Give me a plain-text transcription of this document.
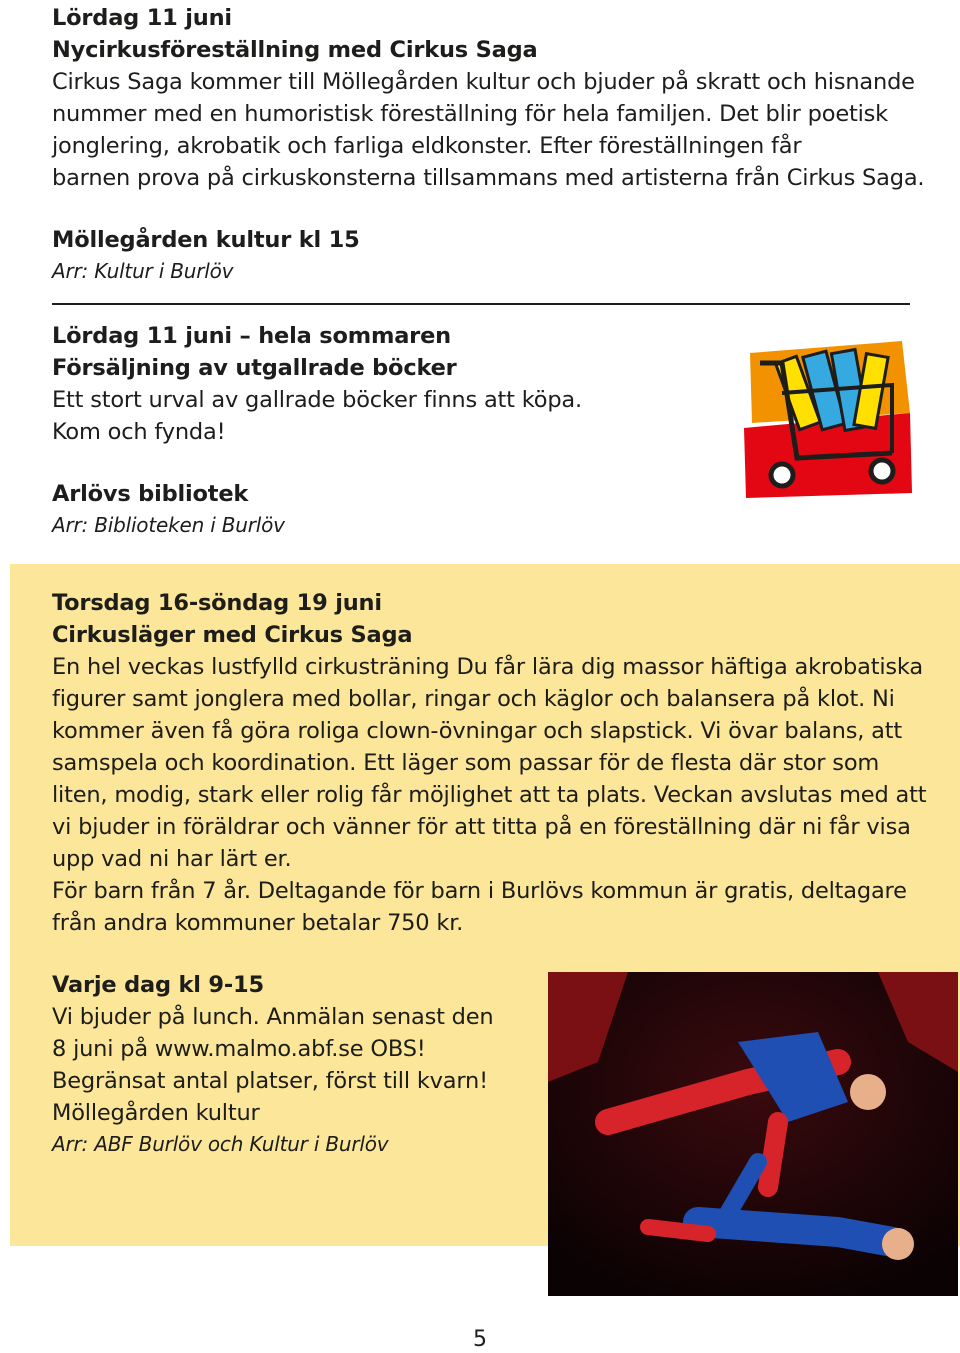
Lördag 11 juni
Nycirkusföreställning med Cirkus Saga
Cirkus Saga kommer till Möllegården kultur och bjuder på skratt och hisnande
nummer med en humoristisk föreställning för hela familjen. Det blir poetisk
jonglering, akrobatik och farliga eldkonster. Efter föreställningen får
barnen prova på cirkuskonsterna tillsammans med artisterna från Cirkus Saga.
Möllegården kultur kl 15
Arr: Kultur i Burlöv
Lördag 11 juni – hela sommaren
Försäljning av utgallrade böcker
Ett stort urval av gallrade böcker finns att köpa.
Kom och fynda!
Arlövs bibliotek
Arr: Biblioteken i Burlöv
Torsdag 16-söndag 19 juni
Cirkusläger med Cirkus Saga
En hel veckas lustfylld cirkusträning Du får lära dig massor häftiga akrobatiska
figurer samt jonglera med bollar, ringar och käglor och balansera på klot. Ni
kommer även få göra roliga clown-övningar och slapstick. Vi övar balans, att
samspela och koordination. Ett läger som passar för de flesta där stor som
liten, modig, stark eller rolig får möjlighet att ta plats. Veckan avslutas med att
vi bjuder in föräldrar och vänner för att titta på en föreställning där ni får visa
upp vad ni har lärt er.
För barn från 7 år. Deltagande för barn i Burlövs kommun är gratis, deltagare
från andra kommuner betalar 750 kr.
Varje dag kl 9-15
Vi bjuder på lunch. Anmälan senast den
8 juni på www.malmo.abf.se OBS!
Begränsat antal platser, först till kvarn!
Möllegården kultur
Arr: ABF Burlöv och Kultur i Burlöv
5
